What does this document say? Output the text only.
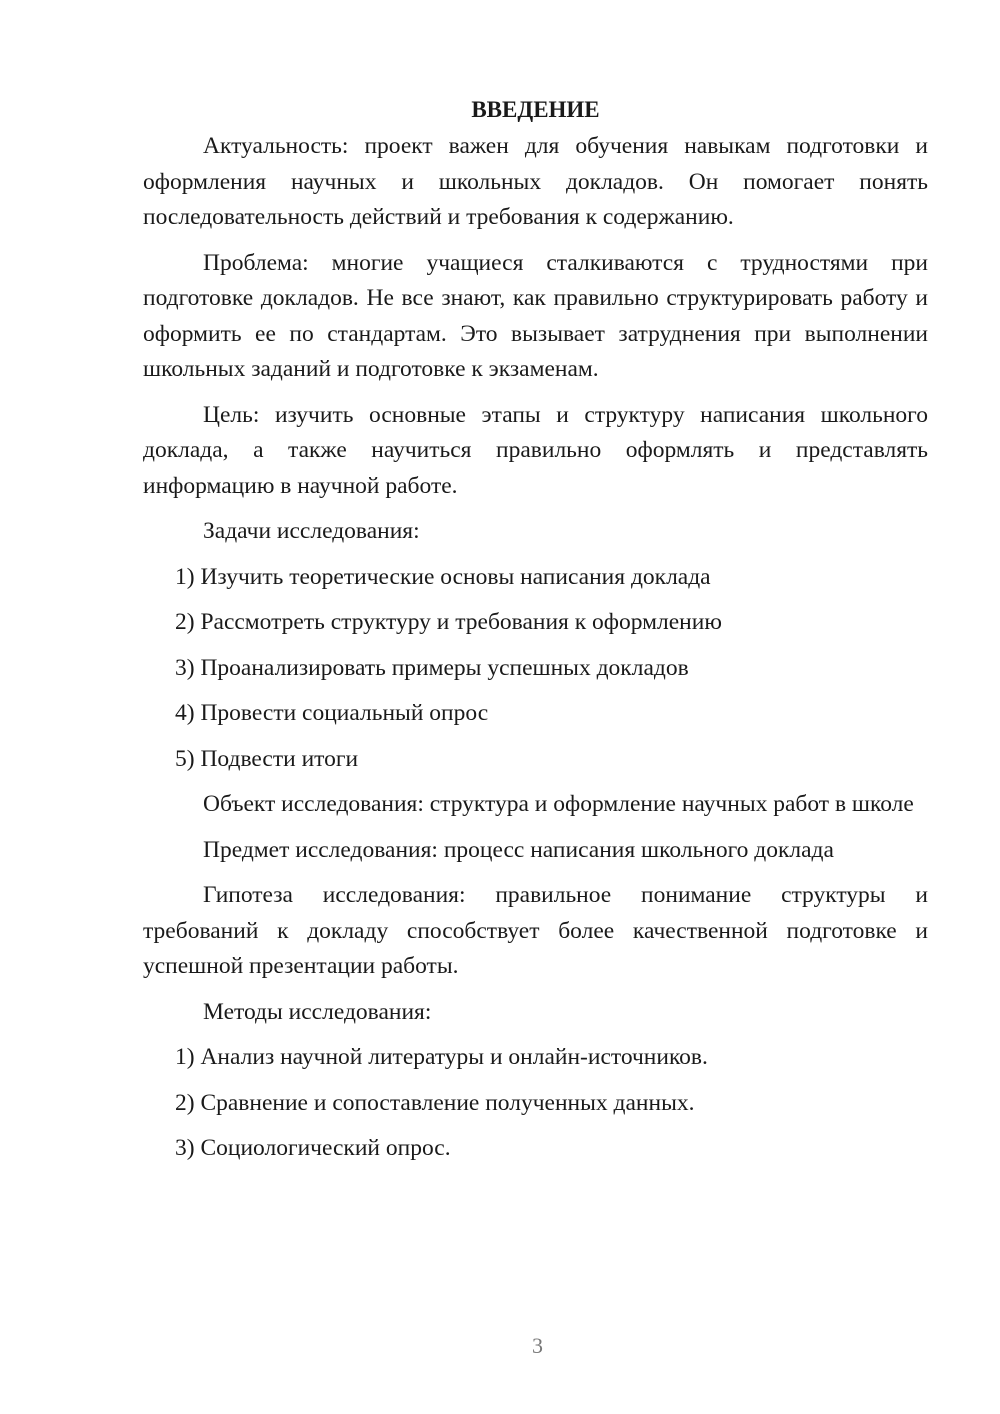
ВВЕДЕНИЕ

Актуальность: проект важен для обучения навыкам подготовки и оформления научных и школьных докладов. Он помогает понять последовательность действий и требования к содержанию.

Проблема: многие учащиеся сталкиваются с трудностями при подготовке докладов. Не все знают, как правильно структурировать работу и оформить ее по стандартам. Это вызывает затруднения при выполнении школьных заданий и подготовке к экзаменам.

Цель: изучить основные этапы и структуру написания школьного доклада, а также научиться правильно оформлять и представлять информацию в научной работе.

Задачи исследования:

1) Изучить теоретические основы написания доклада

2) Рассмотреть структуру и требования к оформлению

3) Проанализировать примеры успешных докладов

4) Провести социальный опрос

5) Подвести итоги

Объект исследования: структура и оформление научных работ в школе

Предмет исследования: процесс написания школьного доклада

Гипотеза исследования: правильное понимание структуры и требований к докладу способствует более качественной подготовке и успешной презентации работы.

Методы исследования:

1) Анализ научной литературы и онлайн-источников.

2) Сравнение и сопоставление полученных данных.

3) Социологический опрос.

3
